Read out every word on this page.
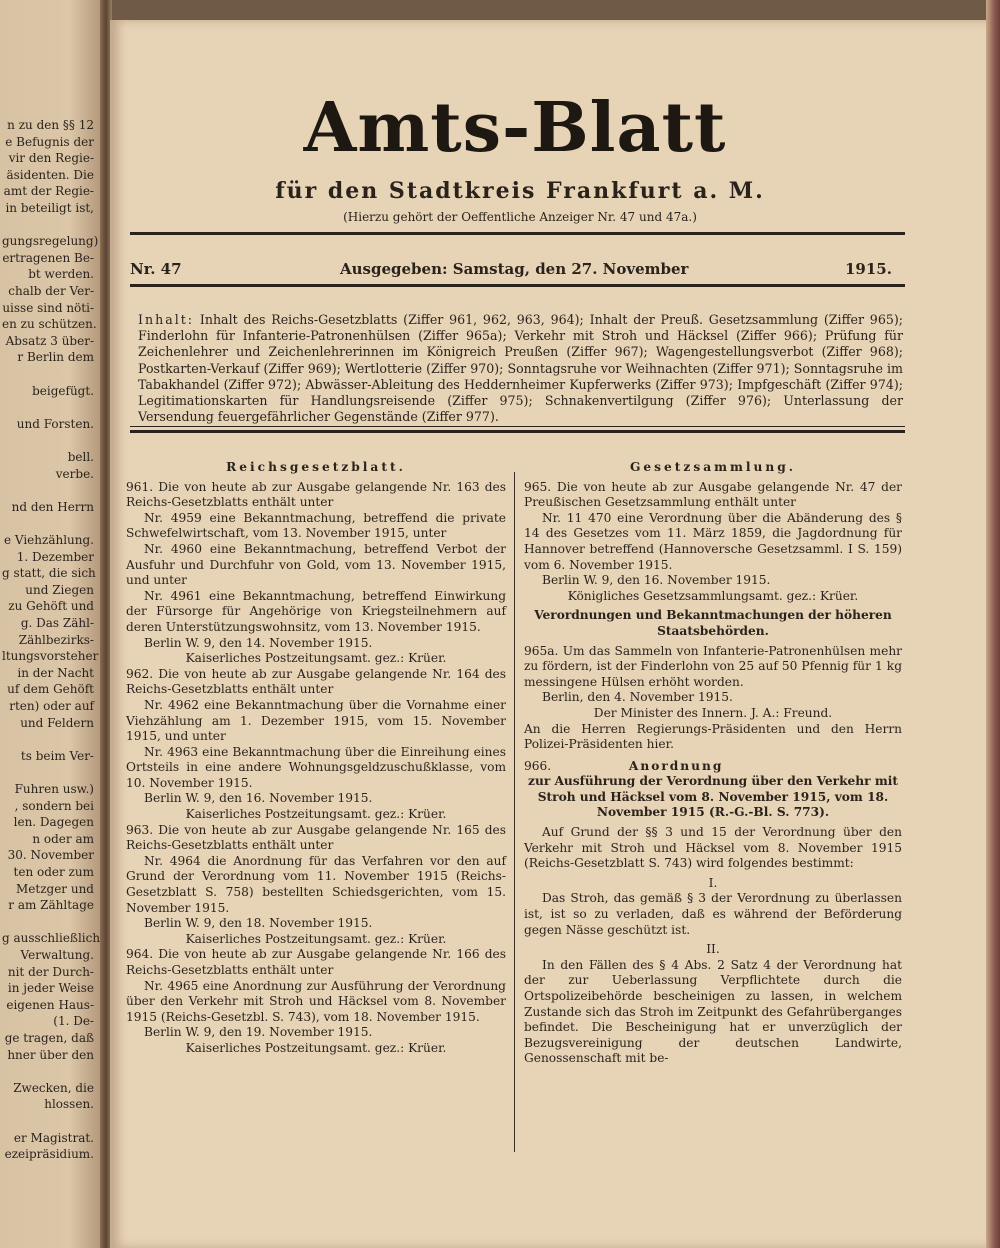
n zu den §§ 12
e Befugnis der
vir den Regie-
äsidenten. Die
amt der Regie-
in beteiligt ist,
gungsregelung)
ertragenen Be-
bt werden.
chalb der Ver-
uisse sind nöti-
en zu schützen.
Absatz 3 über-
r Berlin dem
beigefügt.
und Forsten.
bell.
verbe.
nd den Herrn
e Viehzählung.
1. Dezember
g statt, die sich
und Ziegen
zu Gehöft und
g. Das Zähl-
Zählbezirks-
ltungsvorsteher
in der Nacht
uf dem Gehöft
rten) oder auf
und Feldern
ts beim Ver-
Fuhren usw.)
, sondern bei
len. Dagegen
n oder am
30. November
ten oder zum
Metzger und
r am Zähltage
g ausschließlich
Verwaltung.
nit der Durch-
in jeder Weise
eigenen Haus-
(1. De-
ge tragen, daß
hner über den
Zwecken, die
hlossen.
er Magistrat.
ezeipräsidium.
Amts-Blatt
für den Stadtkreis Frankfurt a. M.
(Hierzu gehört der Oeffentliche Anzeiger Nr. 47 und 47a.)
Nr. 47	Ausgegeben: Samstag, den 27. November	1915.
Inhalt: Inhalt des Reichs-Gesetzblatts (Ziffer 961, 962, 963, 964); Inhalt der Preuß. Gesetzsammlung (Ziffer 965); Finderlohn für Infanterie-Patronenhülsen (Ziffer 965a); Verkehr mit Stroh und Häcksel (Ziffer 966); Prüfung für Zeichenlehrer und Zeichenlehrerinnen im Königreich Preußen (Ziffer 967); Wagengestellungsverbot (Ziffer 968); Postkarten-Verkauf (Ziffer 969); Wertlotterie (Ziffer 970); Sonntagsruhe vor Weihnachten (Ziffer 971); Sonntagsruhe im Tabakhandel (Ziffer 972); Abwässer-Ableitung des Heddernheimer Kupferwerks (Ziffer 973); Impfgeschäft (Ziffer 974); Legitimationskarten für Handlungsreisende (Ziffer 975); Schnakenvertilgung (Ziffer 976); Unterlassung der Versendung feuergefährlicher Gegenstände (Ziffer 977).

Reichsgesetzblatt.

961. Die von heute ab zur Ausgabe gelangende Nr. 163 des Reichs-Gesetzblatts enthält unter

Nr. 4959 eine Bekanntmachung, betreffend die private Schwefelwirtschaft, vom 13. November 1915, unter

Nr. 4960 eine Bekanntmachung, betreffend Verbot der Ausfuhr und Durchfuhr von Gold, vom 13. November 1915, und unter

Nr. 4961 eine Bekanntmachung, betreffend Einwirkung der Fürsorge für Angehörige von Kriegsteilnehmern auf deren Unterstützungswohnsitz, vom 13. November 1915.

Berlin W. 9, den 14. November 1915.

Kaiserliches Postzeitungsamt. gez.: Krüer.

962. Die von heute ab zur Ausgabe gelangende Nr. 164 des Reichs-Gesetzblatts enthält unter

Nr. 4962 eine Bekanntmachung über die Vornahme einer Viehzählung am 1. Dezember 1915, vom 15. November 1915, und unter

Nr. 4963 eine Bekanntmachung über die Einreihung eines Ortsteils in eine andere Wohnungsgeldzuschußklasse, vom 10. November 1915.

Berlin W. 9, den 16. November 1915.

Kaiserliches Postzeitungsamt. gez.: Krüer.

963. Die von heute ab zur Ausgabe gelangende Nr. 165 des Reichs-Gesetzblatts enthält unter

Nr. 4964 die Anordnung für das Verfahren vor den auf Grund der Verordnung vom 11. November 1915 (Reichs-Gesetzblatt S. 758) bestellten Schiedsgerichten, vom 15. November 1915.

Berlin W. 9, den 18. November 1915.

Kaiserliches Postzeitungsamt. gez.: Krüer.

964. Die von heute ab zur Ausgabe gelangende Nr. 166 des Reichs-Gesetzblatts enthält unter

Nr. 4965 eine Anordnung zur Ausführung der Verordnung über den Verkehr mit Stroh und Häcksel vom 8. November 1915 (Reichs-Gesetzbl. S. 743), vom 18. November 1915.

Berlin W. 9, den 19. November 1915.

Kaiserliches Postzeitungsamt. gez.: Krüer.

Gesetzsammlung.

965. Die von heute ab zur Ausgabe gelangende Nr. 47 der Preußischen Gesetzsammlung enthält unter

Nr. 11 470 eine Verordnung über die Abänderung des § 14 des Gesetzes vom 11. März 1859, die Jagdordnung für Hannover betreffend (Hannoversche Gesetzsamml. I S. 159) vom 6. November 1915.

Berlin W. 9, den 16. November 1915.

Königliches Gesetzsammlungsamt. gez.: Krüer.

Verordnungen und Bekanntmachungen der höheren Staatsbehörden.

965a. Um das Sammeln von Infanterie-Patronenhülsen mehr zu fördern, ist der Finderlohn von 25 auf 50 Pfennig für 1 kg messingene Hülsen erhöht worden.

Berlin, den 4. November 1915.

Der Minister des Innern. J. A.: Freund.

An die Herren Regierungs-Präsidenten und den Herrn Polizei-Präsidenten hier.

966.	Anordnung

zur Ausführung der Verordnung über den Verkehr mit Stroh und Häcksel vom 8. November 1915, vom 18. November 1915 (R.-G.-Bl. S. 773).

Auf Grund der §§ 3 und 15 der Verordnung über den Verkehr mit Stroh und Häcksel vom 8. November 1915 (Reichs-Gesetzblatt S. 743) wird folgendes bestimmt:

I.

Das Stroh, das gemäß § 3 der Verordnung zu überlassen ist, ist so zu verladen, daß es während der Beförderung gegen Nässe geschützt ist.

II.

In den Fällen des § 4 Abs. 2 Satz 4 der Verordnung hat der zur Ueberlassung Verpflichtete durch die Ortspolizeibehörde bescheinigen zu lassen, in welchem Zustande sich das Stroh im Zeitpunkt des Gefahrüberganges befindet. Die Bescheinigung hat er unverzüglich der Bezugsvereinigung der deutschen Landwirte, Genossenschaft mit be-
